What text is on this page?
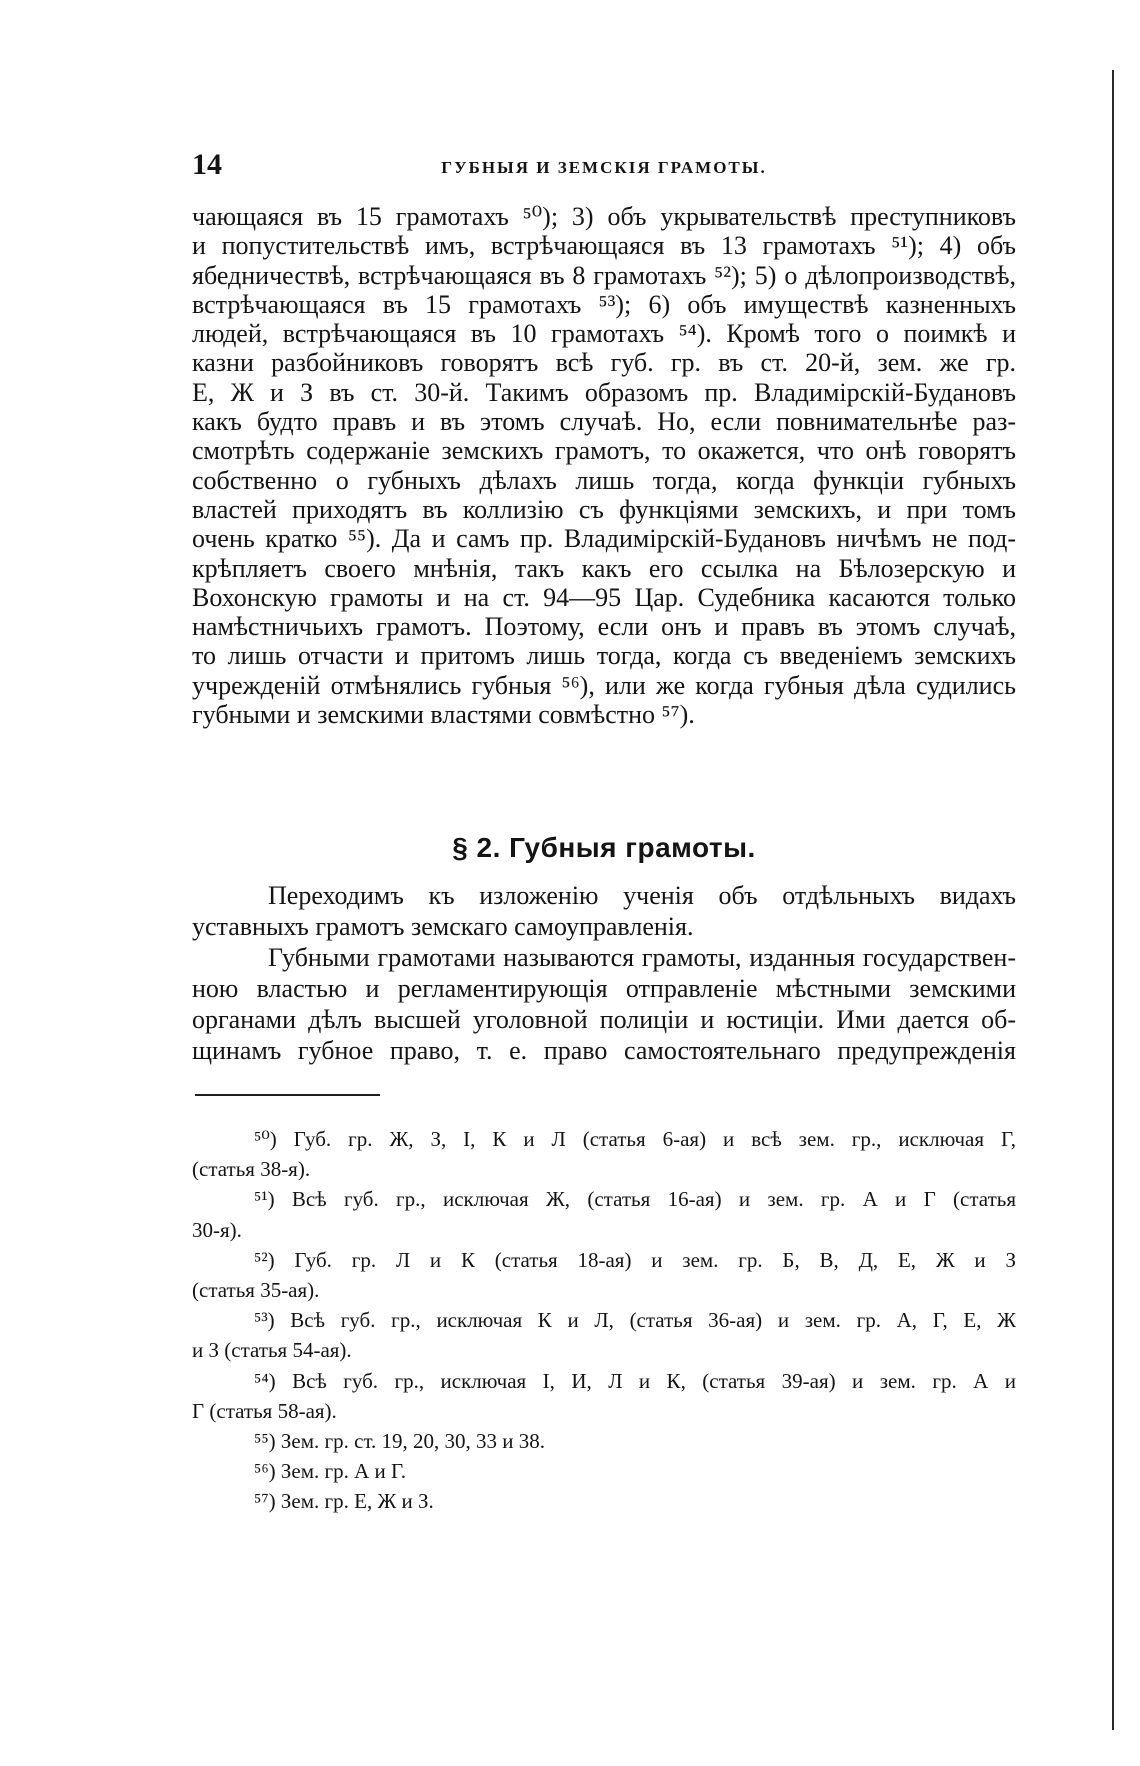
14	ГУБНЫЯ И ЗЕМСКІЯ ГРАМОТЫ.
чающаяся въ 15 грамотахъ ⁵⁰); 3) объ укрывательствѣ преступниковъ
и попустительствѣ имъ, встрѣчающаяся въ 13 грамотахъ ⁵¹); 4) объ
ябедничествѣ, встрѣчающаяся въ 8 грамотахъ ⁵²); 5) о дѣлопроизводствѣ,
встрѣчающаяся въ 15 грамотахъ ⁵³); 6) объ имуществѣ казненныхъ
людей, встрѣчающаяся въ 10 грамотахъ ⁵⁴). Кромѣ того о поимкѣ и
казни разбойниковъ говорятъ всѣ губ. гр. въ ст. 20-й, зем. же гр.
Е, Ж и З въ ст. 30-й. Такимъ образомъ пр. Владимірскій-Будановъ
какъ будто правъ и въ этомъ случаѣ. Но, если повнимательнѣе раз-
смотрѣть содержаніе земскихъ грамотъ, то окажется, что онѣ говорятъ
собственно о губныхъ дѣлахъ лишь тогда, когда функціи губныхъ
властей приходятъ въ коллизію съ функціями земскихъ, и при томъ
очень кратко ⁵⁵). Да и самъ пр. Владимірскій-Будановъ ничѣмъ не под-
крѣпляетъ своего мнѣнія, такъ какъ его ссылка на Бѣлозерскую и
Вохонскую грамоты и на ст. 94—95 Цар. Судебника касаются только
намѣстничьихъ грамотъ. Поэтому, если онъ и правъ въ этомъ случаѣ,
то лишь отчасти и притомъ лишь тогда, когда съ введеніемъ земскихъ
учрежденій отмѣнялись губныя ⁵⁶), или же когда губныя дѣла судились
губными и земскими властями совмѣстно ⁵⁷).
§ 2. Губныя грамоты.
Переходимъ къ изложенію ученія объ отдѣльныхъ видахъ
уставныхъ грамотъ земскаго самоуправленія.
Губными грамотами называются грамоты, изданныя государствен-
ною властью и регламентирующія отправленіе мѣстными земскими
органами дѣлъ высшей уголовной полиціи и юстиціи. Ими дается об-
щинамъ губное право, т. е. право самостоятельнаго предупрежденія
⁵⁰) Губ. гр. Ж, З, І, К и Л (статья 6-ая) и всѣ зем. гр., исключая Г,
(статья 38-я).
⁵¹) Всѣ губ. гр., исключая Ж, (статья 16-ая) и зем. гр. А и Г (статья
30-я).
⁵²) Губ. гр. Л и К (статья 18-ая) и зем. гр. Б, В, Д, Е, Ж и З
(статья 35-ая).
⁵³) Всѣ губ. гр., исключая К и Л, (статья 36-ая) и зем. гр. А, Г, Е, Ж
и З (статья 54-ая).
⁵⁴) Всѣ губ. гр., исключая І, И, Л и К, (статья 39-ая) и зем. гр. А и
Г (статья 58-ая).
⁵⁵) Зем. гр. ст. 19, 20, 30, 33 и 38.
⁵⁶) Зем. гр. А и Г.
⁵⁷) Зем. гр. Е, Ж и З.
